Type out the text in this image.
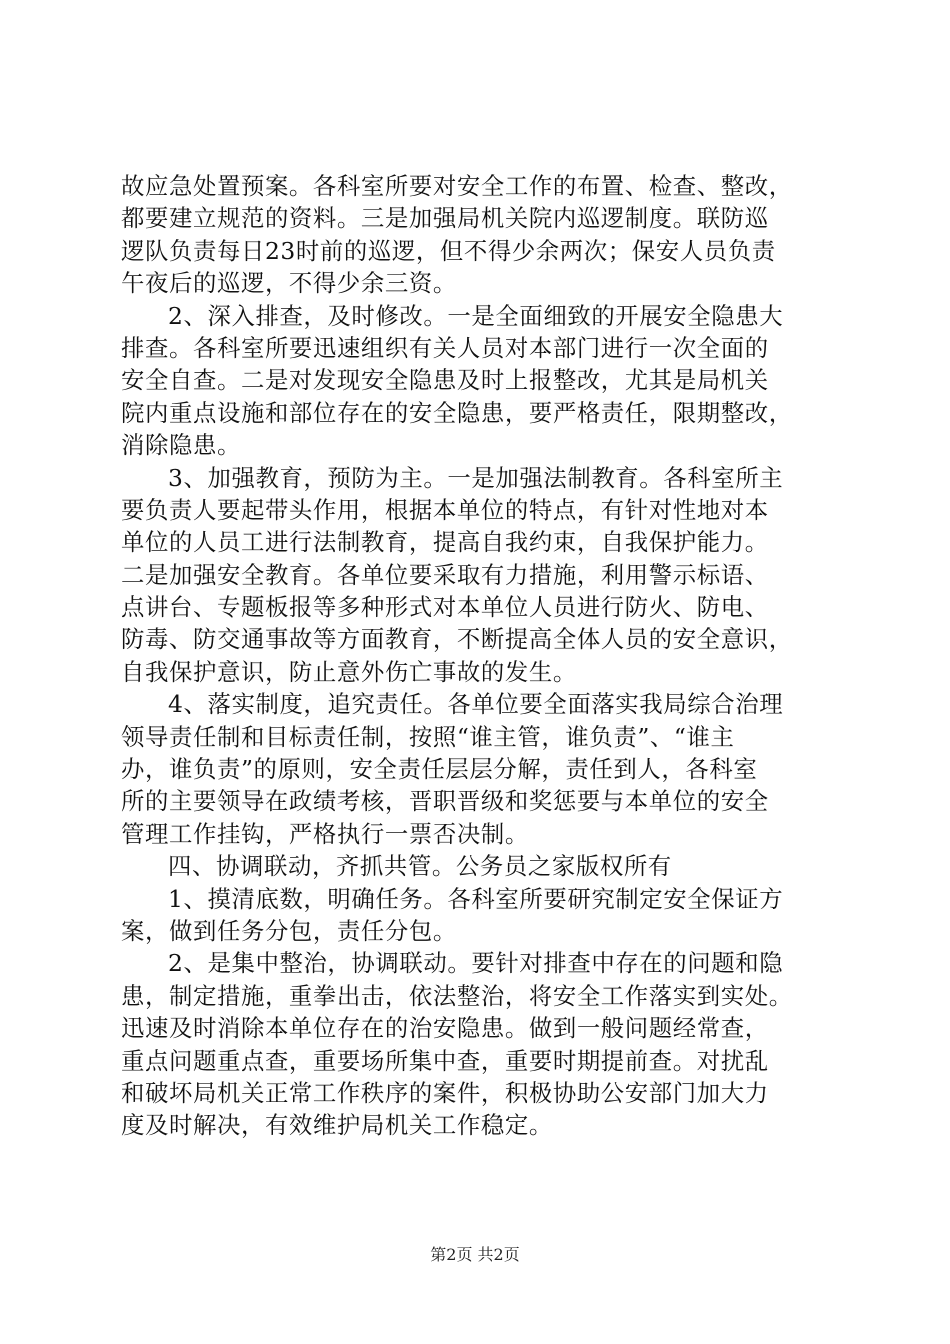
故应急处置预案。各科室所要对安全工作的布置、检查、整改，
都要建立规范的资料。三是加强局机关院内巡逻制度。联防巡
逻队负责每日23时前的巡逻，但不得少余两次；保安人员负责
午夜后的巡逻，不得少余三资。
2、深入排查，及时修改。一是全面细致的开展安全隐患大
排查。各科室所要迅速组织有关人员对本部门进行一次全面的
安全自查。二是对发现安全隐患及时上报整改，尤其是局机关
院内重点设施和部位存在的安全隐患，要严格责任，限期整改，
消除隐患。
3、加强教育，预防为主。一是加强法制教育。各科室所主
要负责人要起带头作用，根据本单位的特点，有针对性地对本
单位的人员工进行法制教育，提高自我约束，自我保护能力。
二是加强安全教育。各单位要采取有力措施，利用警示标语、
点讲台、专题板报等多种形式对本单位人员进行防火、防电、
防毒、防交通事故等方面教育，不断提高全体人员的安全意识，
自我保护意识，防止意外伤亡事故的发生。
4、落实制度，追究责任。各单位要全面落实我局综合治理
领导责任制和目标责任制，按照“谁主管，谁负责”、“谁主
办，谁负责”的原则，安全责任层层分解，责任到人，各科室
所的主要领导在政绩考核，晋职晋级和奖惩要与本单位的安全
管理工作挂钩，严格执行一票否决制。
四、协调联动，齐抓共管。公务员之家版权所有
1、摸清底数，明确任务。各科室所要研究制定安全保证方
案，做到任务分包，责任分包。
2、是集中整治，协调联动。要针对排查中存在的问题和隐
患，制定措施，重拳出击，依法整治，将安全工作落实到实处。
迅速及时消除本单位存在的治安隐患。做到一般问题经常查，
重点问题重点查，重要场所集中查，重要时期提前查。对扰乱
和破坏局机关正常工作秩序的案件，积极协助公安部门加大力
度及时解决，有效维护局机关工作稳定。
第2页 共2页
